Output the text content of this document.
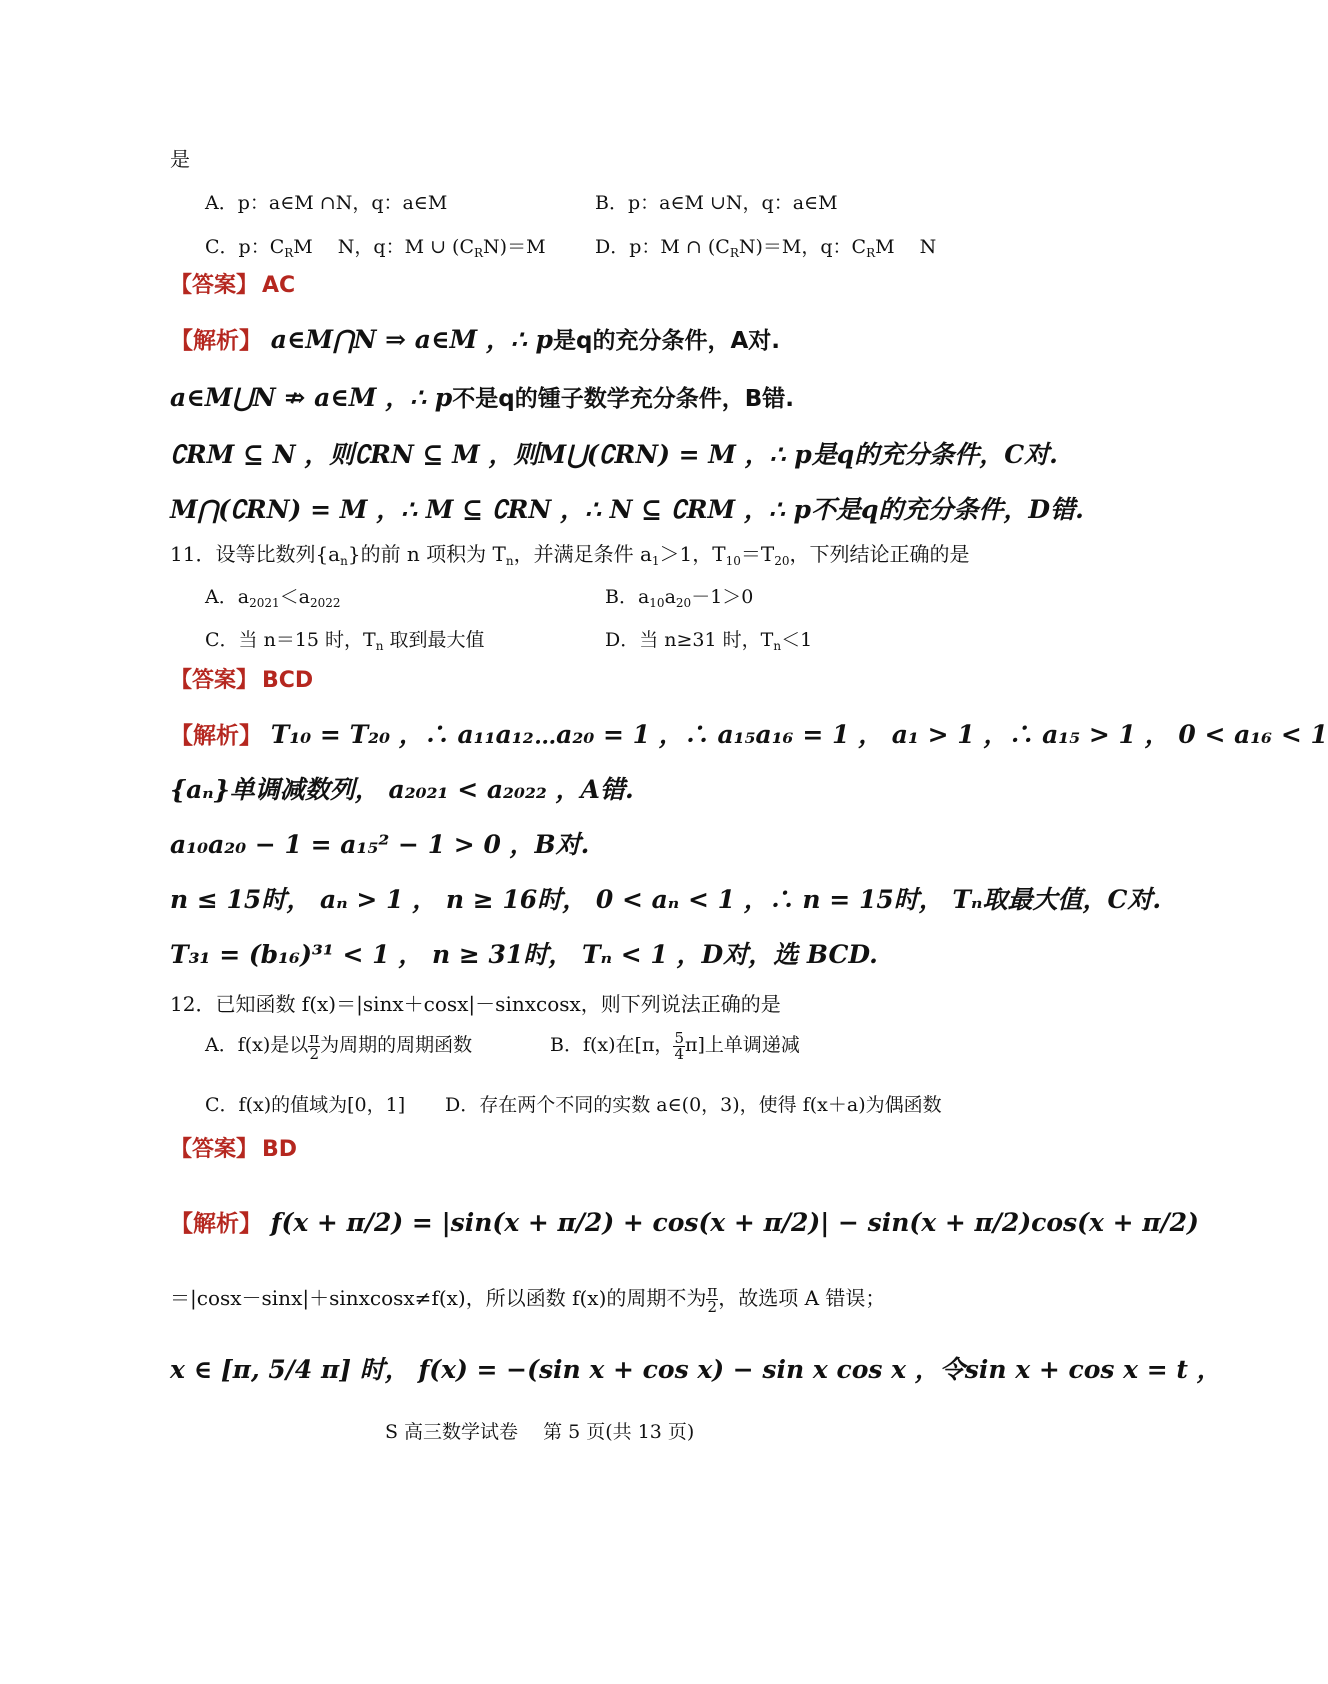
是
A．p：a∈M ∩N，q：a∈M	B．p：a∈M ∪N，q：a∈M
C．p：$C_RM$　 N，q：M ∪ $(C_RN)=M$	D．p：M ∩ $(C_RN)=M$，q：$C_RM$　 N
【答案】 AC
【解析】 a∈M⋂N ⇒ a∈M ，∴ p是q的充分条件，A对.
a∈M⋃N ⇏ a∈M ，∴ p不是q的锺子数学充分条件，B错.
∁RM ⊆ N ，则∁RN ⊆ M ，则M⋃(∁RN) = M ，∴ p是q的充分条件，C对.
M⋂(∁RN) = M ，∴ M ⊆ ∁RN ，∴ N ⊆ ∁RM ，∴ p不是q的充分条件，D错.
11．设等比数列$\{a_n\}$的前 n 项积为 $T_n$，并满足条件 $a_1>1$，$T_{10}=T_{20}$，下列结论正确的是
A．$a_{2021}<a_{2022}$	B．$a_{10}a_{20}-1>0$
C．当 n＝15 时，$T_n$ 取到最大值	D．当 n≥31 时，$T_n<1$
【答案】 BCD
【解析】 T₁₀ = T₂₀ ，∴ a₁₁a₁₂⋯a₂₀ = 1 ，∴ a₁₅a₁₆ = 1 ， a₁ > 1 ，∴ a₁₅ > 1 ， 0 < a₁₆ < 1
{aₙ}单调减数列， a₂₀₂₁ < a₂₀₂₂ ，A错.
a₁₀a₂₀ − 1 = a₁₅² − 1 > 0 ，B对.
n ≤ 15时， aₙ > 1 ， n ≥ 16时， 0 < aₙ < 1 ，∴ n = 15时， Tₙ取最大值，C对.
T₃₁ = (b₁₆)³¹ < 1 ， n ≥ 31时， Tₙ < 1 ，D对，选 BCD.
12．已知函数 f(x)＝|sinx＋cosx|－sinxcosx，则下列说法正确的是
A．f(x)是以 $\frac{\pi}{2}$ 为周期的周期函数	B．f(x)在[π， $\frac{5}{4} \pi$]上单调递减
C．f(x)的值域为[0，1] D．存在两个不同的实数 a∈(0，3)，使得 f(x＋a)为偶函数
【答案】 BD
【解析】 f(x + π/2) = |sin(x + π/2) + cos(x + π/2)| − sin(x + π/2)cos(x + π/2)
＝|cosx－sinx|＋sinxcosx≠f(x)，所以函数 f(x)的周期不为 $\frac{\pi}{2}$ ，故选项 A 错误；
x ∈ [π, 5/4 π] 时， f(x) = −(sin x + cos x) − sin x cos x ，令sin x + cos x = t ，
S 高三数学试卷　 第 5 页(共 13 页)
